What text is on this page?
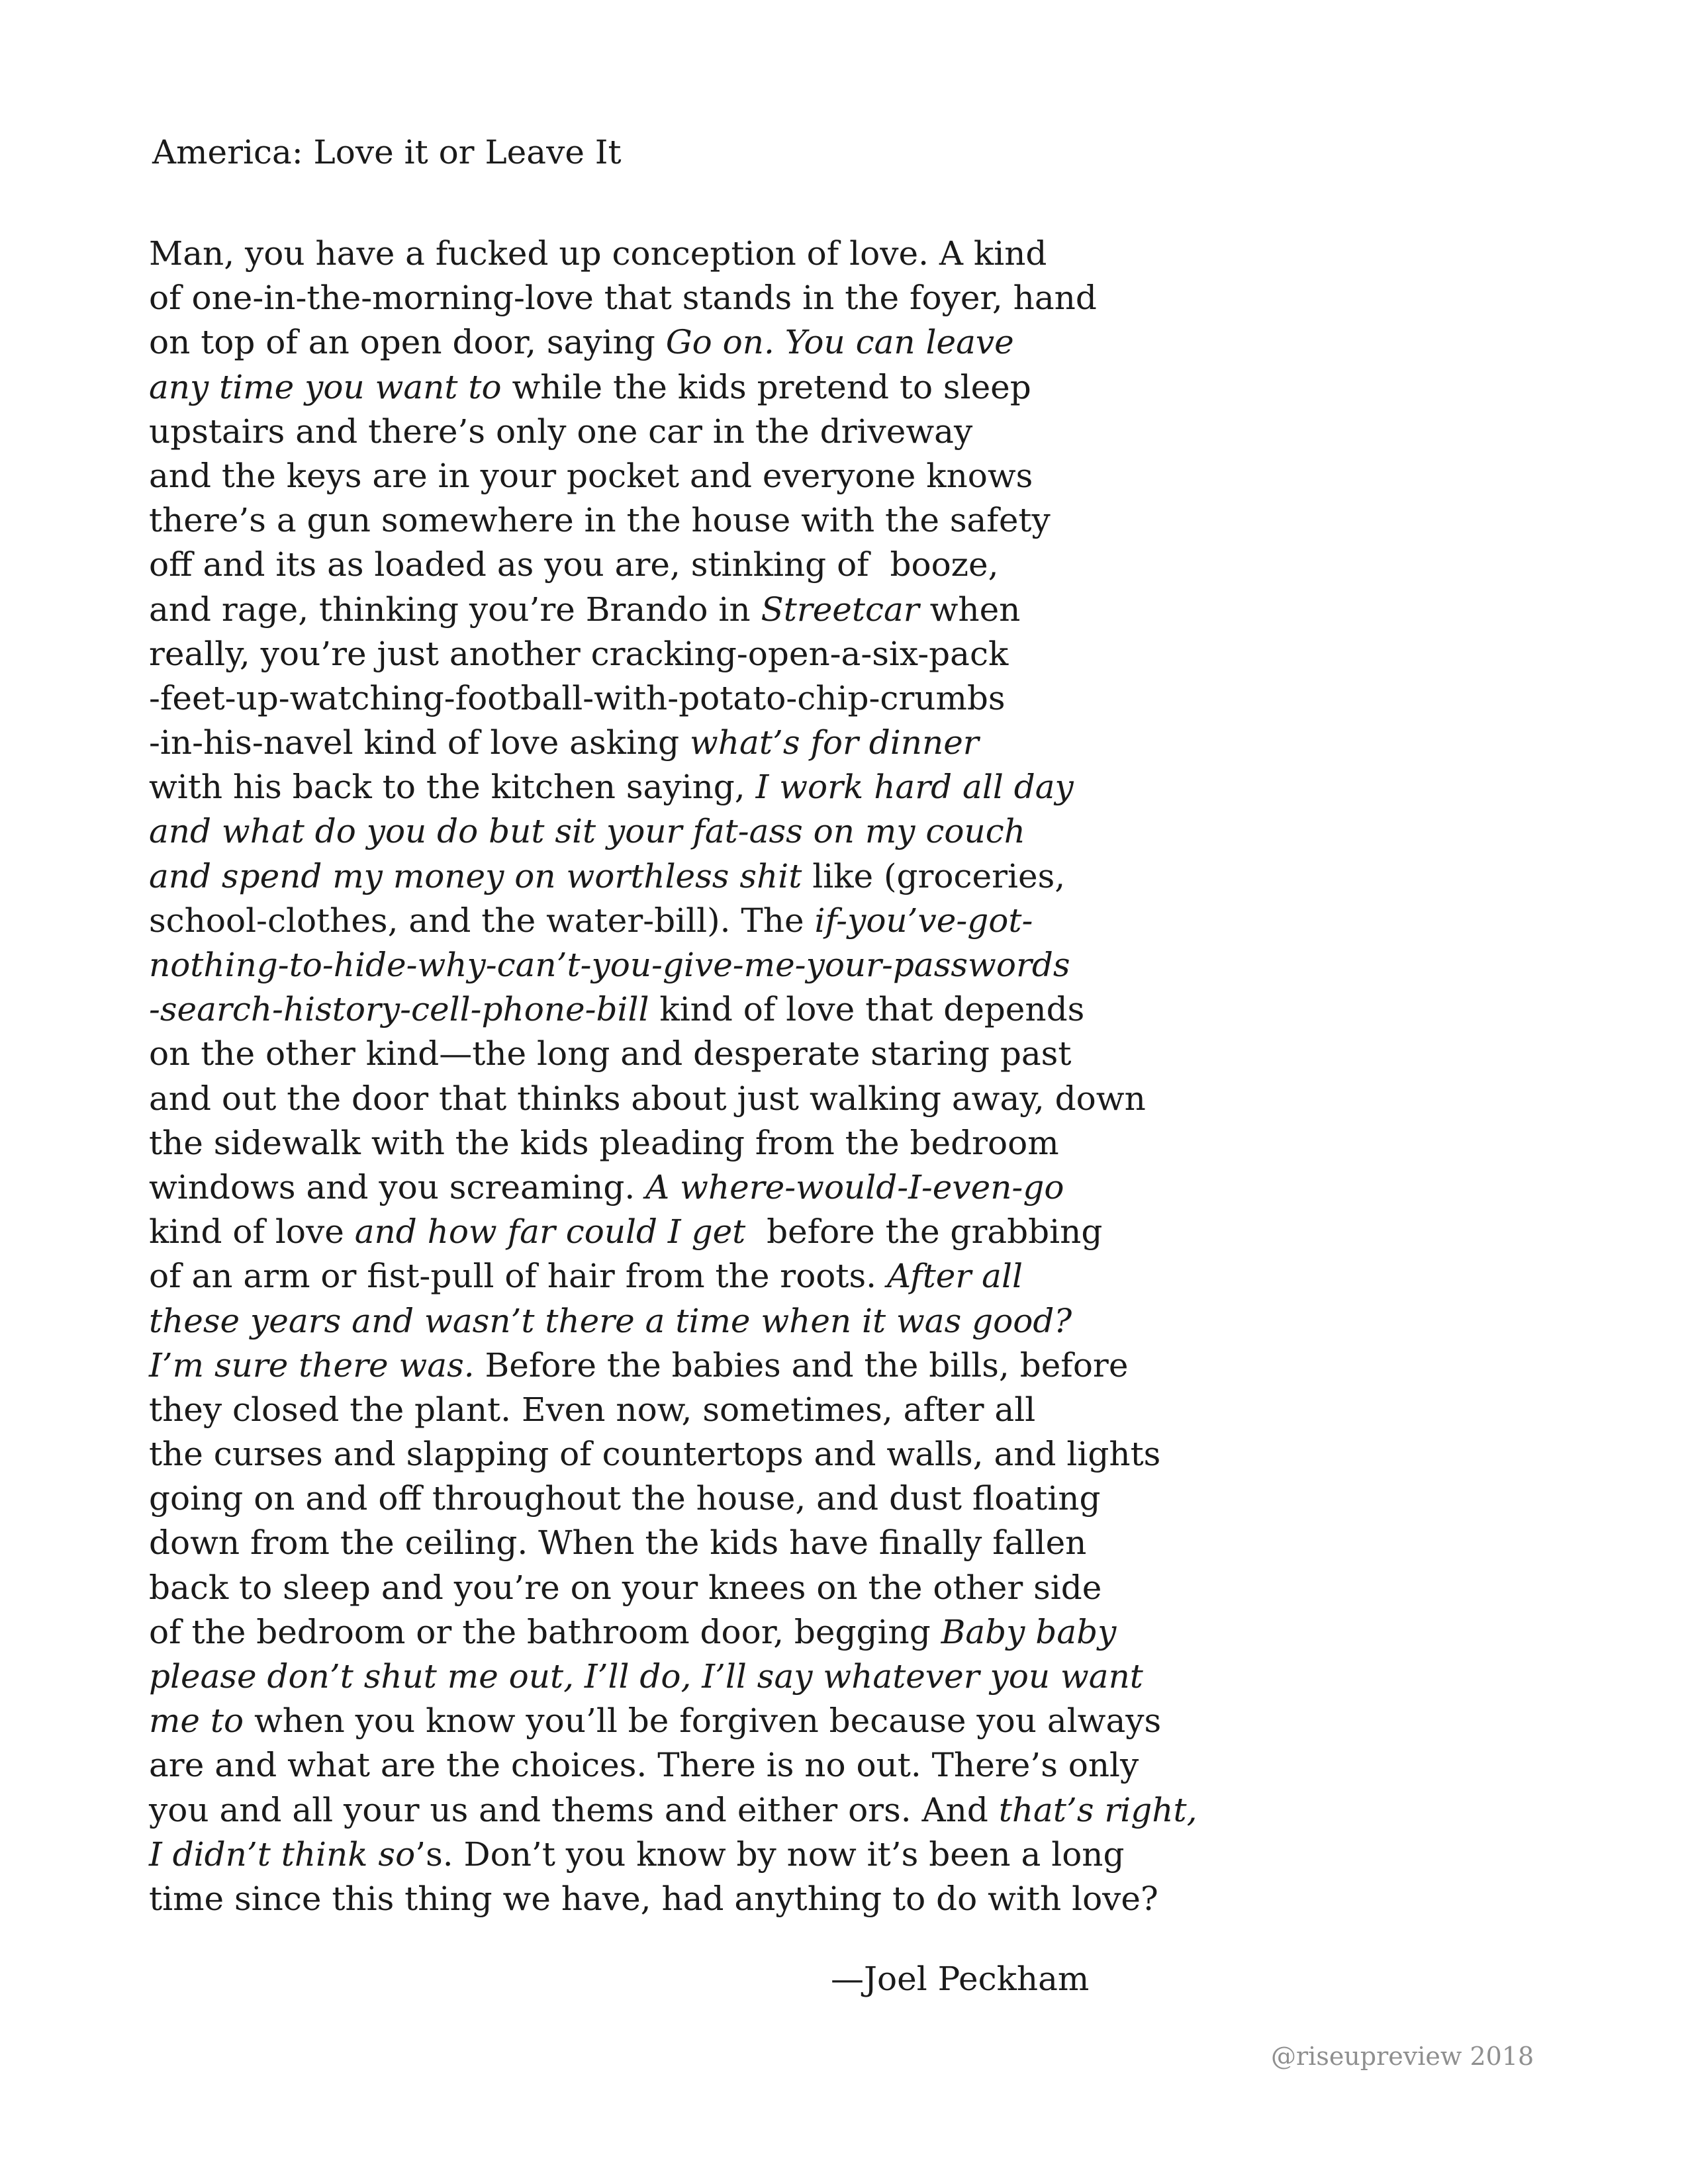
America: Love it or Leave It
Man, you have a fucked up conception of love. A kind
of one-in-the-morning-love that stands in the foyer, hand
on top of an open door, saying Go on. You can leave
any time you want to while the kids pretend to sleep
upstairs and there’s only one car in the driveway
and the keys are in your pocket and everyone knows
there’s a gun somewhere in the house with the safety
off and its as loaded as you are, stinking of  booze,
and rage, thinking you’re Brando in Streetcar when
really, you’re just another cracking-open-a-six-pack
-feet-up-watching-football-with-potato-chip-crumbs
-in-his-navel kind of love asking what’s for dinner
with his back to the kitchen saying, I work hard all day
and what do you do but sit your fat-ass on my couch
and spend my money on worthless shit like (groceries,
school-clothes, and the water-bill). The if-you’ve-got-
nothing-to-hide-why-can’t-you-give-me-your-passwords
-search-history-cell-phone-bill kind of love that depends
on the other kind—the long and desperate staring past
and out the door that thinks about just walking away, down
the sidewalk with the kids pleading from the bedroom
windows and you screaming. A where-would-I-even-go
kind of love and how far could I get  before the grabbing
of an arm or fist-pull of hair from the roots. After all
these years and wasn’t there a time when it was good?
I’m sure there was. Before the babies and the bills, before
they closed the plant. Even now, sometimes, after all
the curses and slapping of countertops and walls, and lights
going on and off throughout the house, and dust floating
down from the ceiling. When the kids have finally fallen
back to sleep and you’re on your knees on the other side
of the bedroom or the bathroom door, begging Baby baby
please don’t shut me out, I’ll do, I’ll say whatever you want
me to when you know you’ll be forgiven because you always
are and what are the choices. There is no out. There’s only
you and all your us and thems and either ors. And that’s right,
I didn’t think so’s. Don’t you know by now it’s been a long
time since this thing we have, had anything to do with love?
—Joel Peckham
@riseupreview 2018
